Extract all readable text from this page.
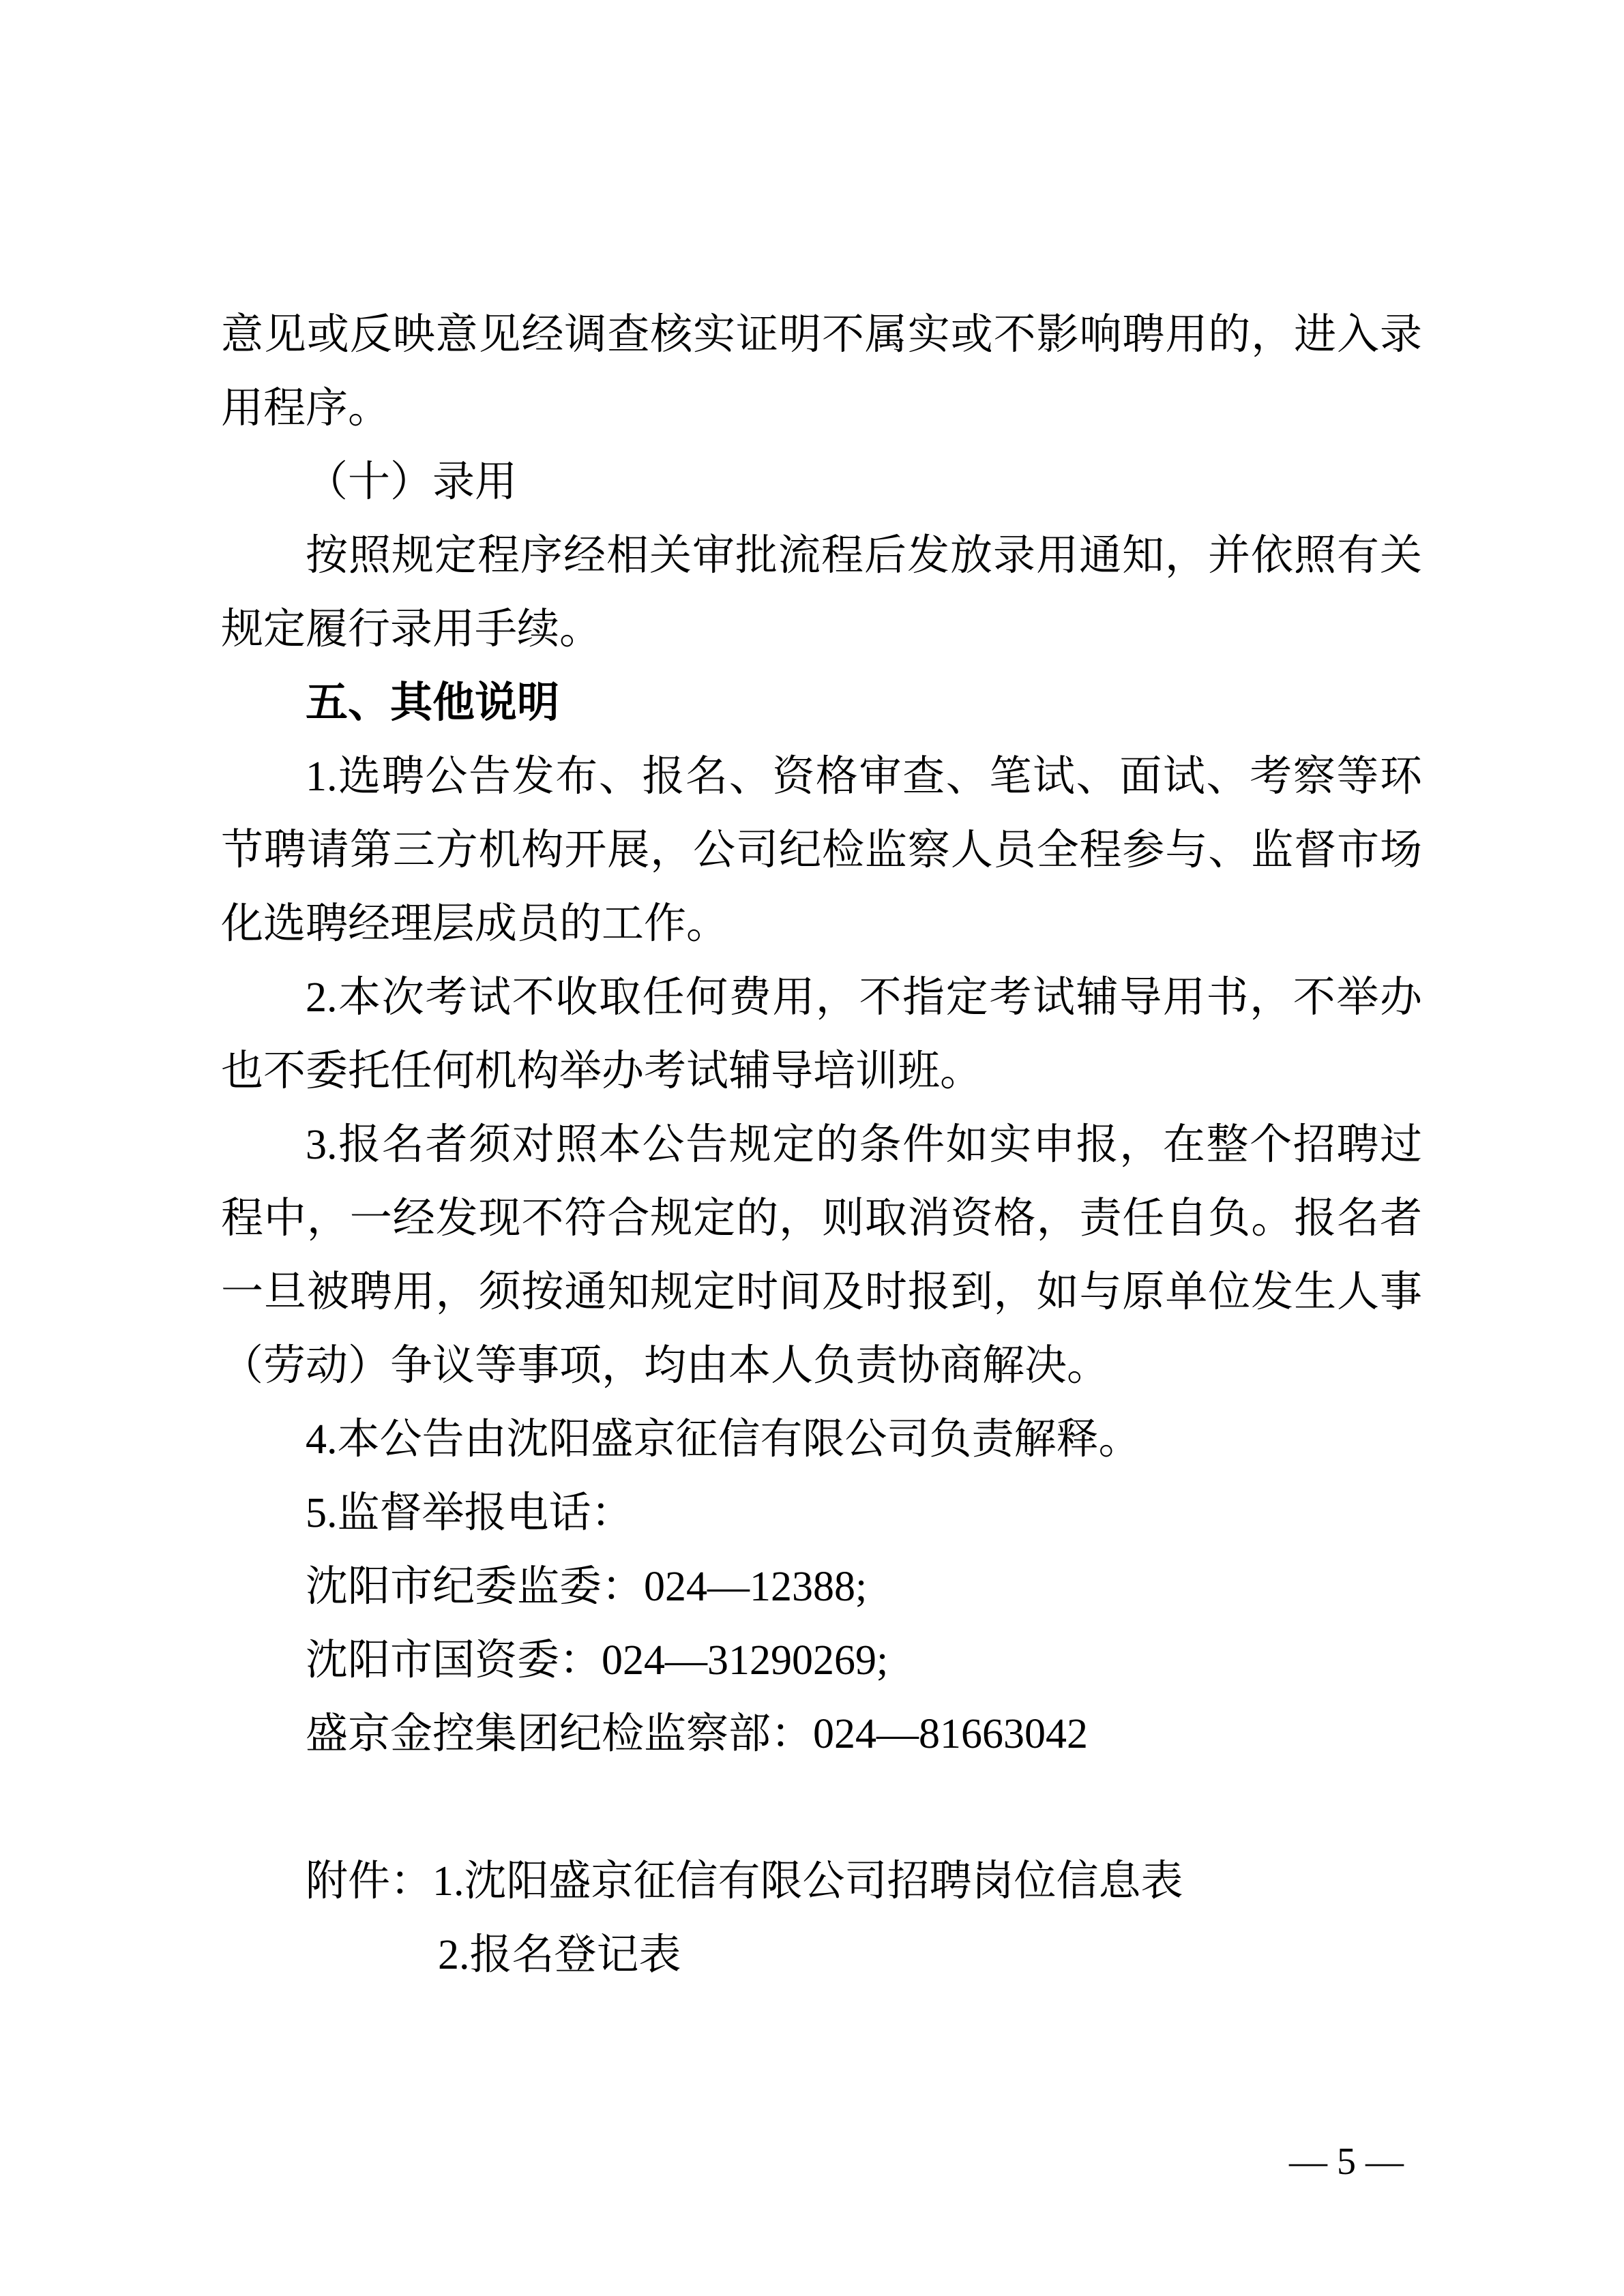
意见或反映意见经调查核实证明不属实或不影响聘用的，进入录
用程序。
（十）录用
按照规定程序经相关审批流程后发放录用通知，并依照有关
规定履行录用手续。
五、其他说明
1.选聘公告发布、报名、资格审查、笔试、面试、考察等环
节聘请第三方机构开展，公司纪检监察人员全程参与、监督市场
化选聘经理层成员的工作。
2.本次考试不收取任何费用，不指定考试辅导用书，不举办
也不委托任何机构举办考试辅导培训班。
3.报名者须对照本公告规定的条件如实申报，在整个招聘过
程中，一经发现不符合规定的，则取消资格，责任自负。报名者
一旦被聘用，须按通知规定时间及时报到，如与原单位发生人事
（劳动）争议等事项，均由本人负责协商解决。
4.本公告由沈阳盛京征信有限公司负责解释。
5.监督举报电话：
沈阳市纪委监委：024—12388;
沈阳市国资委：024—31290269;
盛京金控集团纪检监察部：024—81663042
附件：1.沈阳盛京征信有限公司招聘岗位信息表
2.报名登记表
— 5 —
